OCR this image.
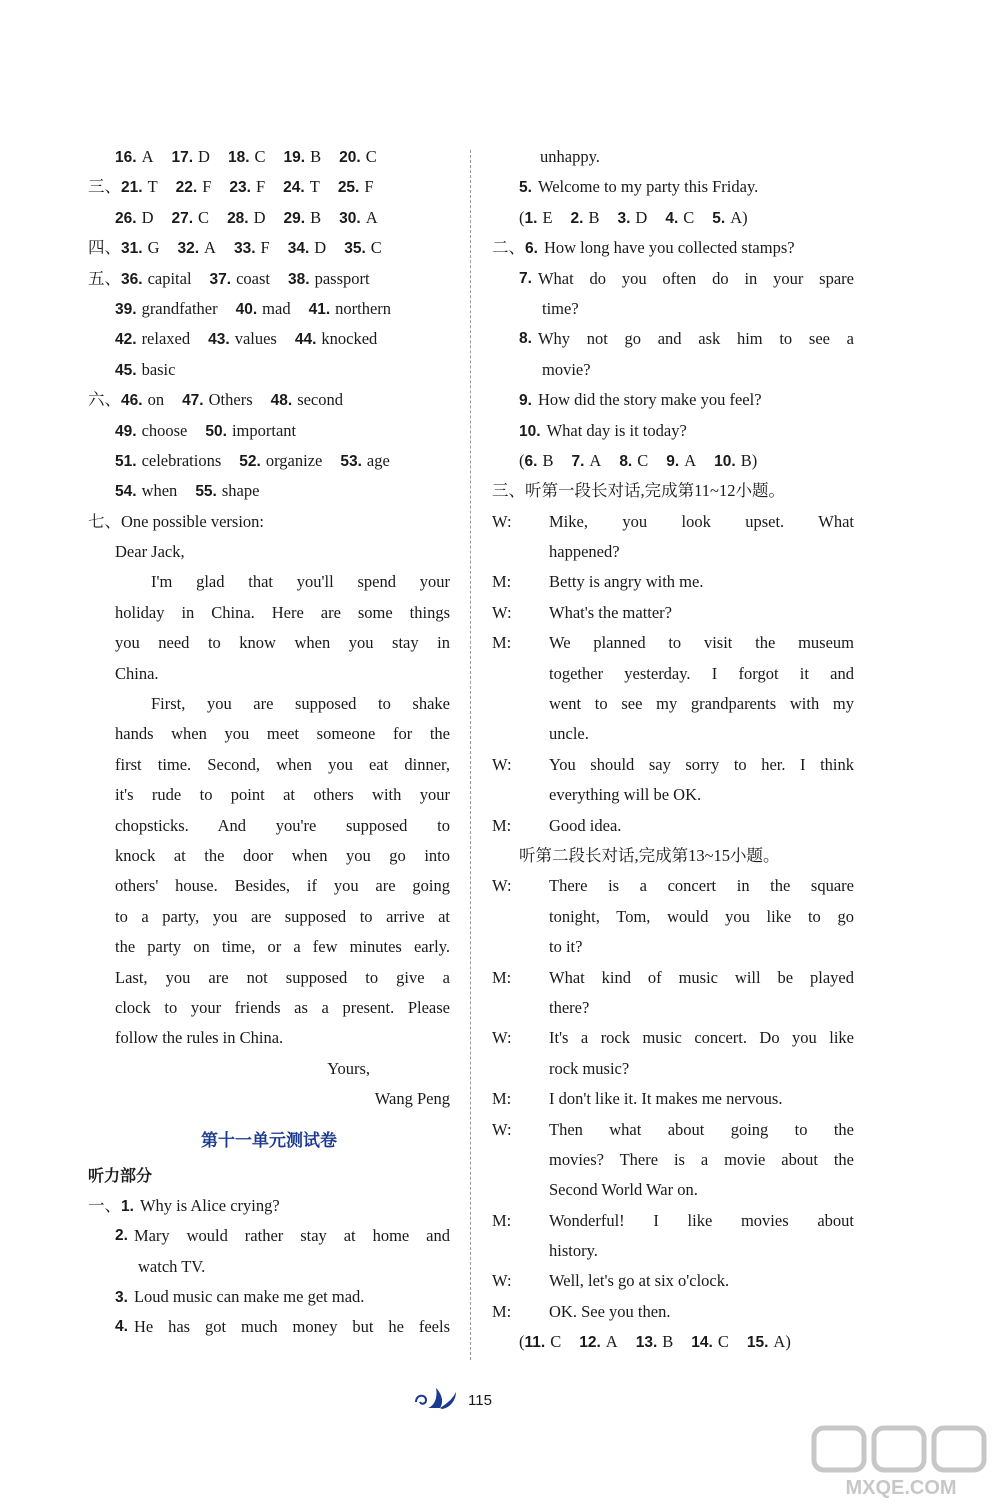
16. A 17. D 18. C 19. B 20. C
三、21. T 22. F 23. F 24. T 25. F
26. D 27. C 28. D 29. B 30. A
四、31. G 32. A 33. F 34. D 35. C
五、36. capital 37. coast 38. passport
39. grandfather 40. mad 41. northern
42. relaxed 43. values 44. knocked
45. basic
六、46. on 47. Others 48. second
49. choose 50. important
51. celebrations 52. organize 53. age
54. when 55. shape
七、One possible version:
Dear Jack,
I'm glad that you'll spend your
holiday in China. Here are some things
you need to know when you stay in
China.
First, you are supposed to shake
hands when you meet someone for the
first time. Second, when you eat dinner,
it's rude to point at others with your
chopsticks. And you're supposed to
knock at the door when you go into
others' house. Besides, if you are going
to a party, you are supposed to arrive at
the party on time, or a few minutes early.
Last, you are not supposed to give a
clock to your friends as a present. Please
follow the rules in China.
Yours,
Wang Peng
第十一单元测试卷
听力部分
一、1. Why is Alice crying?
2. Mary would rather stay at home and
watch TV.
3. Loud music can make me get mad.
4. He has got much money but he feels
unhappy.
5. Welcome to my party this Friday.
(1. E 2. B 3. D 4. C 5. A)
二、6. How long have you collected stamps?
7. What do you often do in your spare
time?
8. Why not go and ask him to see a
movie?
9. How did the story make you feel?
10. What day is it today?
(6. B 7. A 8. C 9. A 10. B)
三、听第一段长对话,完成第11~12小题。
W: Mike, you look upset. What
happened?
M: Betty is angry with me.
W: What's the matter?
M: We planned to visit the museum
together yesterday. I forgot it and
went to see my grandparents with my
uncle.
W: You should say sorry to her. I think
everything will be OK.
M: Good idea.
听第二段长对话,完成第13~15小题。
W: There is a concert in the square
tonight, Tom, would you like to go
to it?
M: What kind of music will be played
there?
W: It's a rock music concert. Do you like
rock music?
M: I don't like it. It makes me nervous.
W: Then what about going to the
movies? There is a movie about the
Second World War on.
M: Wonderful! I like movies about
history.
W: Well, let's go at six o'clock.
M: OK. See you then.
(11. C 12. A 13. B 14. C 15. A)
115
MXQE.COM
